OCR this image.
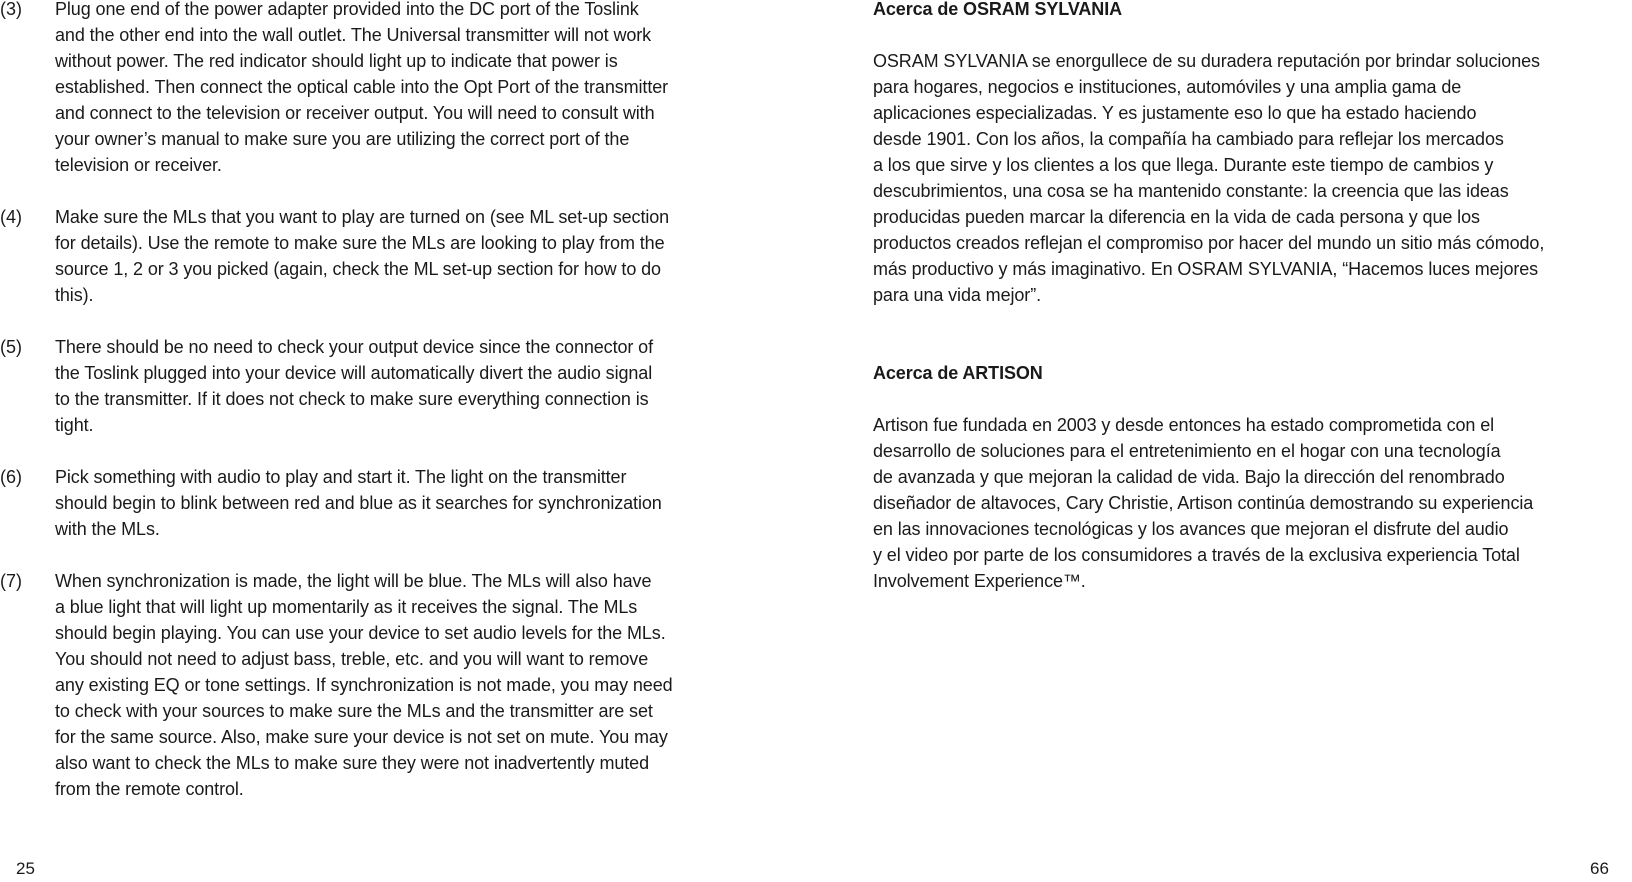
(3) Plug one end of the power adapter provided into the DC port of the Toslink
and the other end into the wall outlet. The Universal transmitter will not work
without power. The red indicator should light up to indicate that power is
established. Then connect the optical cable into the Opt Port of the transmitter
and connect to the television or receiver output. You will need to consult with
your owner’s manual to make sure you are utilizing the correct port of the
television or receiver.
(4) Make sure the MLs that you want to play are turned on (see ML set-up section
for details). Use the remote to make sure the MLs are looking to play from the
source 1, 2 or 3 you picked (again, check the ML set-up section for how to do
this).
(5) There should be no need to check your output device since the connector of
the Toslink plugged into your device will automatically divert the audio signal
to the transmitter. If it does not check to make sure everything connection is
tight.
(6) Pick something with audio to play and start it. The light on the transmitter
should begin to blink between red and blue as it searches for synchronization
with the MLs.
(7) When synchronization is made, the light will be blue. The MLs will also have
a blue light that will light up momentarily as it receives the signal. The MLs
should begin playing. You can use your device to set audio levels for the MLs.
You should not need to adjust bass, treble, etc. and you will want to remove
any existing EQ or tone settings. If synchronization is not made, you may need
to check with your sources to make sure the MLs and the transmitter are set
for the same source. Also, make sure your device is not set on mute. You may
also want to check the MLs to make sure they were not inadvertently muted
from the remote control.
25
Acerca de OSRAM SYLVANIA
OSRAM SYLVANIA se enorgullece de su duradera reputación por brindar soluciones
para hogares, negocios e instituciones, automóviles y una amplia gama de
aplicaciones especializadas. Y es justamente eso lo que ha estado haciendo
desde 1901. Con los años, la compañía ha cambiado para reflejar los mercados
a los que sirve y los clientes a los que llega. Durante este tiempo de cambios y
descubrimientos, una cosa se ha mantenido constante: la creencia que las ideas
producidas pueden marcar la diferencia en la vida de cada persona y que los
productos creados reflejan el compromiso por hacer del mundo un sitio más cómodo,
más productivo y más imaginativo. En OSRAM SYLVANIA, “Hacemos luces mejores
para una vida mejor”.
Acerca de ARTISON
Artison fue fundada en 2003 y desde entonces ha estado comprometida con el
desarrollo de soluciones para el entretenimiento en el hogar con una tecnología
de avanzada y que mejoran la calidad de vida. Bajo la dirección del renombrado
diseñador de altavoces, Cary Christie, Artison continúa demostrando su experiencia
en las innovaciones tecnológicas y los avances que mejoran el disfrute del audio
y el video por parte de los consumidores a través de la exclusiva experiencia Total
Involvement Experience™.
66
